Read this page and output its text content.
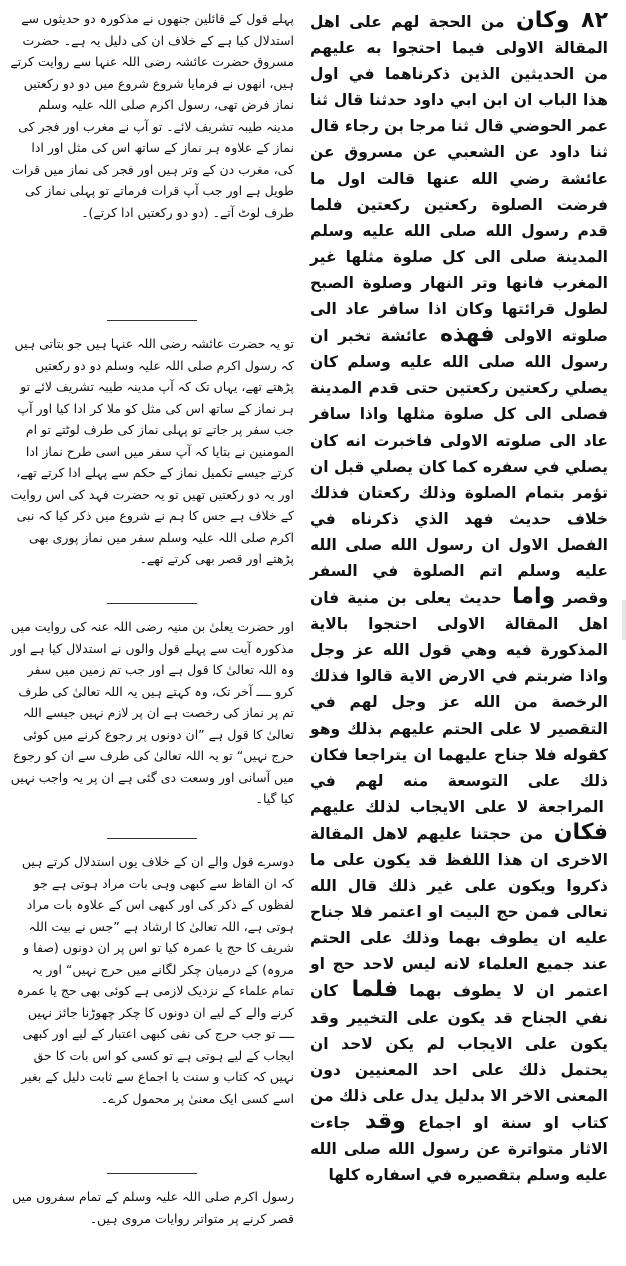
پہلے قول کے قائلین جنھوں نے مذکورہ دو حدیثوں سے استدلال کیا ہے کے خلاف ان کی دلیل یہ ہے۔ حضرت مسروق حضرت عائشہ رضی اللہ عنہا سے روایت کرتے ہیں، انھوں نے فرمایا شروع شروع میں دو دو رکعتیں نماز فرض تھی، رسول اکرم صلی اللہ علیہ وسلم مدینہ طیبہ تشریف لائے۔ تو آپ نے مغرب اور فجر کی نماز کے علاوہ ہر نماز کے ساتھ اس کی مثل اور ادا کی، مغرب دن کے وتر ہیں اور فجر کی نماز میں قرات طویل ہے اور جب آپ قرات فرماتے تو پہلی نماز کی طرف لوٹ آتے۔ (دو دو رکعتیں ادا کرتے)۔

تو یہ حضرت عائشہ رضی اللہ عنہا ہیں جو بتاتی ہیں کہ رسول اکرم صلی اللہ علیہ وسلم دو دو رکعتیں پڑھتے تھے، یہاں تک کہ آپ مدینہ طیبہ تشریف لائے تو ہر نماز کے ساتھ اس کی مثل کو ملا کر ادا کیا اور آپ جب سفر پر جاتے تو پہلی نماز کی طرف لوٹتے تو ام المومنین نے بتایا کہ آپ سفر میں اسی طرح نماز ادا کرتے جیسے تکمیل نماز کے حکم سے پہلے ادا کرتے تھے، اور یہ دو رکعتیں تھیں تو یہ حضرت فہد کی اس روایت کے خلاف ہے جس کا ہم نے شروع میں ذکر کیا کہ نبی اکرم صلی اللہ علیہ وسلم سفر میں نماز پوری بھی پڑھتے اور قصر بھی کرتے تھے۔

اور حضرت یعلیٰ بن منیہ رضی اللہ عنہ کی روایت میں مذکورہ آیت سے پہلے قول والوں نے استدلال کیا ہے اور وہ اللہ تعالیٰ کا قول ہے اور جب تم زمین میں سفر کرو ــــ آخر تک، وہ کہتے ہیں یہ اللہ تعالیٰ کی طرف تم پر نماز کی رخصت ہے ان پر لازم نہیں جیسے اللہ تعالیٰ کا قول ہے ”ان دونوں پر رجوع کرنے میں کوئی حرج نہیں“ تو یہ اللہ تعالیٰ کی طرف سے ان کو رجوع میں آسانی اور وسعت دی گئی ہے ان پر یہ واجب نہیں کیا گیا۔

دوسرے قول والے ان کے خلاف یوں استدلال کرتے ہیں کہ ان الفاظ سے کبھی وہی بات مراد ہوتی ہے جو لفظوں کے ذکر کی اور کبھی اس کے علاوہ بات مراد ہوتی ہے، اللہ تعالیٰ کا ارشاد ہے ”جس نے بیت اللہ شریف کا حج یا عمرہ کیا تو اس پر ان دونوں (صفا و مروہ) کے درمیان چکر لگانے میں حرج نہیں“ اور یہ تمام علماء کے نزدیک لازمی ہے کوئی بھی حج یا عمرہ کرنے والے کے لیے ان دونوں کا چکر چھوڑنا جائز نہیں ــــ تو جب حرج کی نفی کبھی اعتبار کے لیے اور کبھی ایجاب کے لیے ہوتی ہے تو کسی کو اس بات کا حق نہیں کہ کتاب و سنت یا اجماع سے ثابت دلیل کے بغیر اسے کسی ایک معنیٰ پر محمول کرے۔

رسول اکرم صلی اللہ علیہ وسلم کے تمام سفروں میں قصر کرنے پر متواتر روایات مروی ہیں۔

٨٢ وكان من الحجة لهم على اهل المقالة الاولى فيما احتجوا به عليهم من الحديثين الذين ذكرناهما في اول هذا الباب ان ابن ابي داود حدثنا قال ثنا عمر الحوضي قال ثنا مرجا بن رجاء قال ثنا داود عن الشعبي عن مسروق عن عائشة رضي الله عنها قالت اول ما فرضت الصلوة ركعتين ركعتين فلما قدم رسول الله صلى الله عليه وسلم المدينة صلى الى كل صلوة مثلها غير المغرب فانها وتر النهار وصلوة الصبح لطول قرائتها وكان اذا سافر عاد الى صلوته الاولى فهذه عائشة تخبر ان رسول الله صلى الله عليه وسلم كان يصلي ركعتين ركعتين حتى قدم المدينة فصلى الى كل صلوة مثلها واذا سافر عاد الى صلوته الاولى فاخبرت انه كان يصلي في سفره كما كان يصلي قبل ان تؤمر بتمام الصلوة وذلك ركعتان فذلك خلاف حديث فهد الذي ذكرناه في الفصل الاول ان رسول الله صلى الله عليه وسلم اتم الصلوة في السفر وقصر واما حديث يعلى بن منية فان اهل المقالة الاولى احتجوا بالاية المذكورة فيه وهي قول الله عز وجل واذا ضربتم في الارض الاية قالوا فذلك الرخصة من الله عز وجل لهم في التقصير لا على الحتم عليهم بذلك وهو كقوله فلا جناح عليهما ان يتراجعا فكان ذلك على التوسعة منه لهم في المراجعة لا على الايجاب لذلك عليهم فكان من حجتنا عليهم لاهل المقالة الاخرى ان هذا اللفظ قد يكون على ما ذكروا ويكون على غير ذلك قال الله تعالى فمن حج البيت او اعتمر فلا جناح عليه ان يطوف بهما وذلك على الحتم عند جميع العلماء لانه ليس لاحد حج او اعتمر ان لا يطوف بهما فلما كان نفي الجناح قد يكون على التخيير وقد يكون على الايجاب لم يكن لاحد ان يحتمل ذلك على احد المعنيين دون المعنى الاخر الا بدليل يدل على ذلك من كتاب او سنة او اجماع وقد جاءت الاثار متواترة عن رسول الله صلى الله عليه وسلم بتقصيره في اسفاره كلها
